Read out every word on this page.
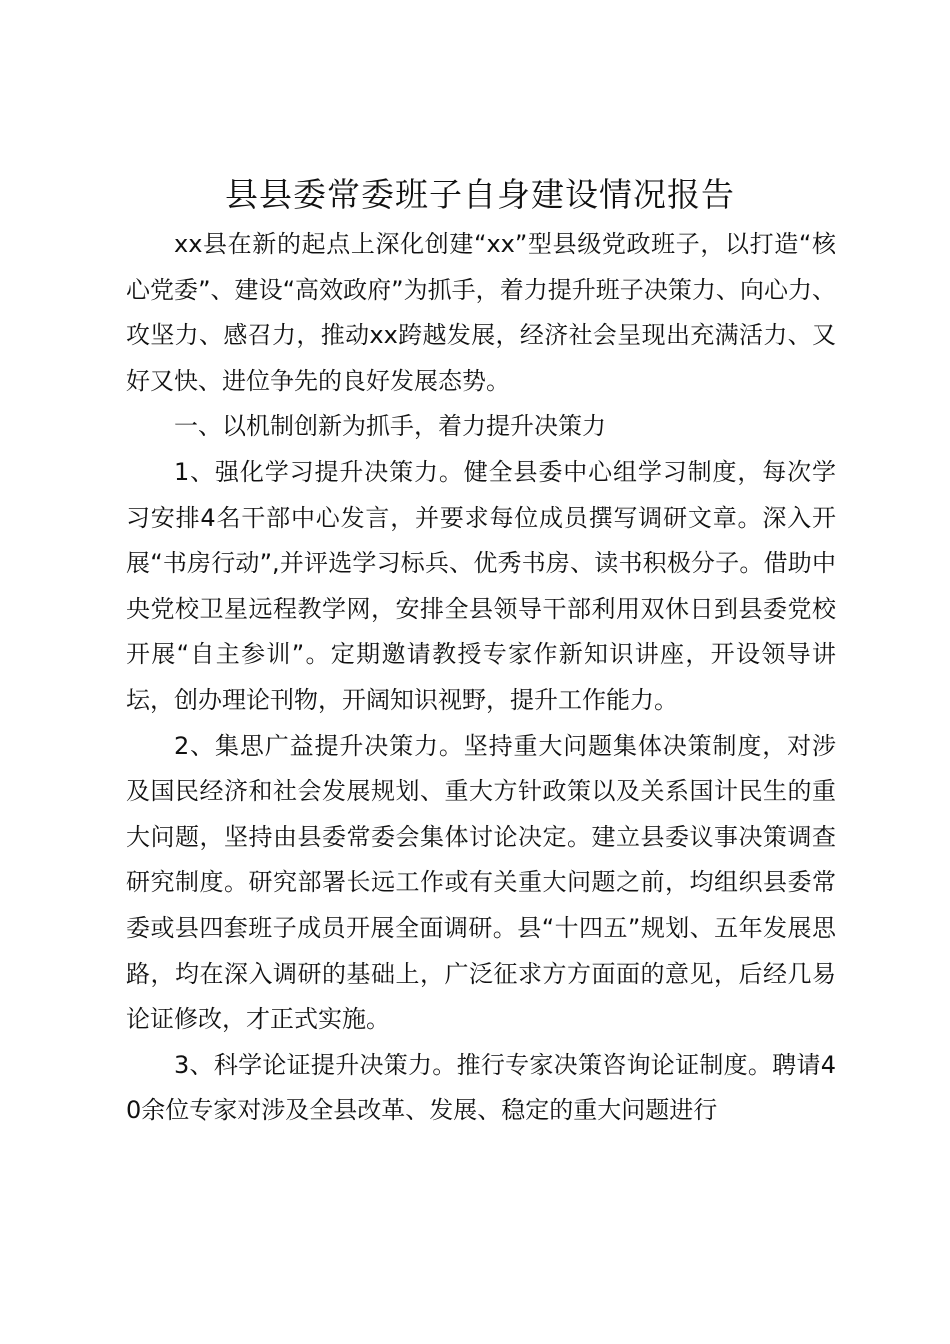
县县委常委班子自身建设情况报告

xx县在新的起点上深化创建“xx”型县级党政班子，以打造“核心党委”、建设“高效政府”为抓手，着力提升班子决策力、向心力、攻坚力、感召力，推动xx跨越发展，经济社会呈现出充满活力、又好又快、进位争先的良好发展态势。

一、以机制创新为抓手，着力提升决策力

1、强化学习提升决策力。健全县委中心组学习制度，每次学习安排4名干部中心发言，并要求每位成员撰写调研文章。深入开展“书房行动”,并评选学习标兵、优秀书房、读书积极分子。借助中央党校卫星远程教学网，安排全县领导干部利用双休日到县委党校开展“自主参训”。定期邀请教授专家作新知识讲座，开设领导讲坛，创办理论刊物，开阔知识视野，提升工作能力。

2、集思广益提升决策力。坚持重大问题集体决策制度，对涉及国民经济和社会发展规划、重大方针政策以及关系国计民生的重大问题，坚持由县委常委会集体讨论决定。建立县委议事决策调查研究制度。研究部署长远工作或有关重大问题之前，均组织县委常委或县四套班子成员开展全面调研。县“十四五”规划、五年发展思路，均在深入调研的基础上，广泛征求方方面面的意见，后经几易论证修改，才正式实施。

3、科学论证提升决策力。推行专家决策咨询论证制度。聘请40余位专家对涉及全县改革、发展、稳定的重大问题进行
